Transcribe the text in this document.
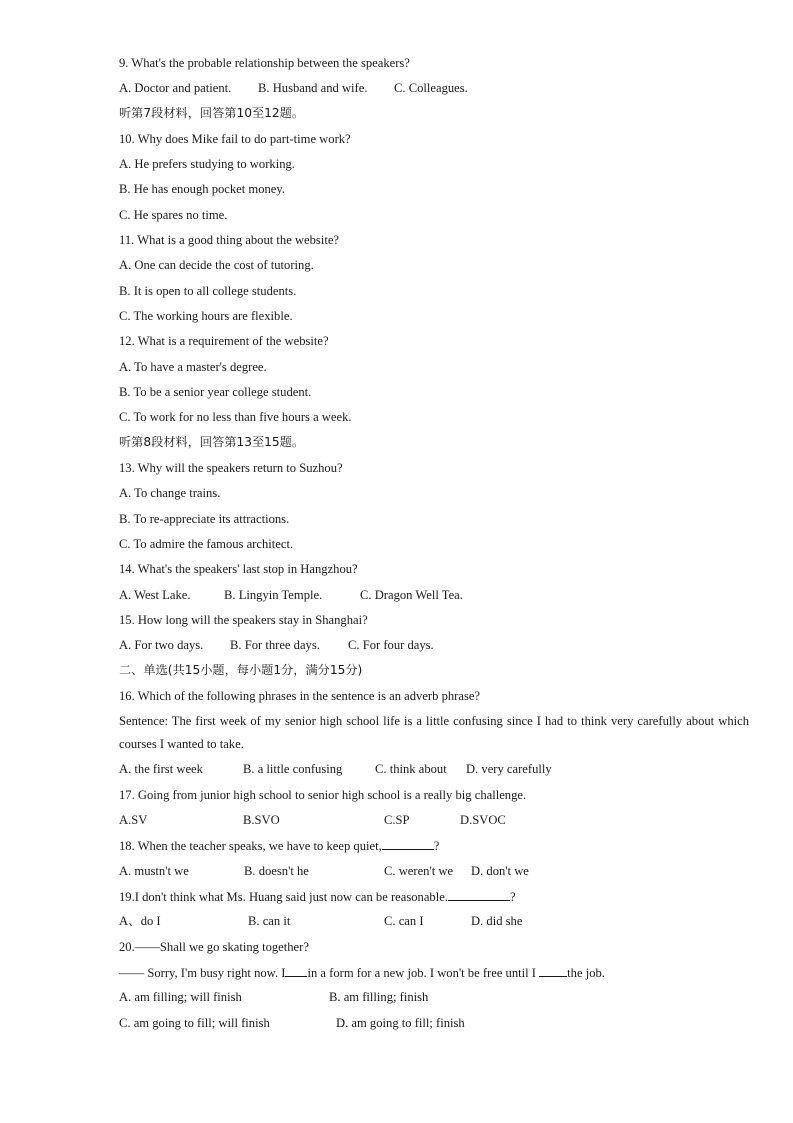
9. What's the probable relationship between the speakers?
A. Doctor and patient. B. Husband and wife. C. Colleagues.
听第7段材料，回答第10至12题。
10. Why does Mike fail to do part-time work?
A. He prefers studying to working.
B. He has enough pocket money.
C. He spares no time.
11. What is a good thing about the website?
A. One can decide the cost of tutoring.
B. It is open to all college students.
C. The working hours are flexible.
12. What is a requirement of the website?
A. To have a master's degree.
B. To be a senior year college student.
C. To work for no less than five hours a week.
听第8段材料，回答第13至15题。
13. Why will the speakers return to Suzhou?
A. To change trains.
B. To re-appreciate its attractions.
C. To admire the famous architect.
14. What's the speakers' last stop in Hangzhou?
A. West Lake.	B. Lingyin Temple.	C. Dragon Well Tea.
15. How long will the speakers stay in Shanghai?
A. For two days. B. For three days. C. For four days.
二、单选(共15小题，每小题1分，满分15分)
16. Which of the following phrases in the sentence is an adverb phrase?
Sentence: The first week of my senior high school life is a little confusing since I had to think very carefully about which courses I wanted to take.
A. the first week	B. a little confusing	C. think about D. very carefully
17. Going from junior high school to senior high school is a really big challenge.
A.SV	B.SVO	C.SP	D.SVOC
18. When the teacher speaks, we have to keep quiet,	?
A. mustn't we	B. doesn't he	C. weren't we D. don't we
19.I don't think what Ms. Huang said just now can be reasonable.	?
A、do I	B. can it	C. can I	D. did she
20.——Shall we go skating together?
—— Sorry, I'm busy right now. I in a form for a new job. I won't be free until I the job.
A. am filling; will finish	B. am filling; finish
C. am going to fill; will finish	D. am going to fill; finish
